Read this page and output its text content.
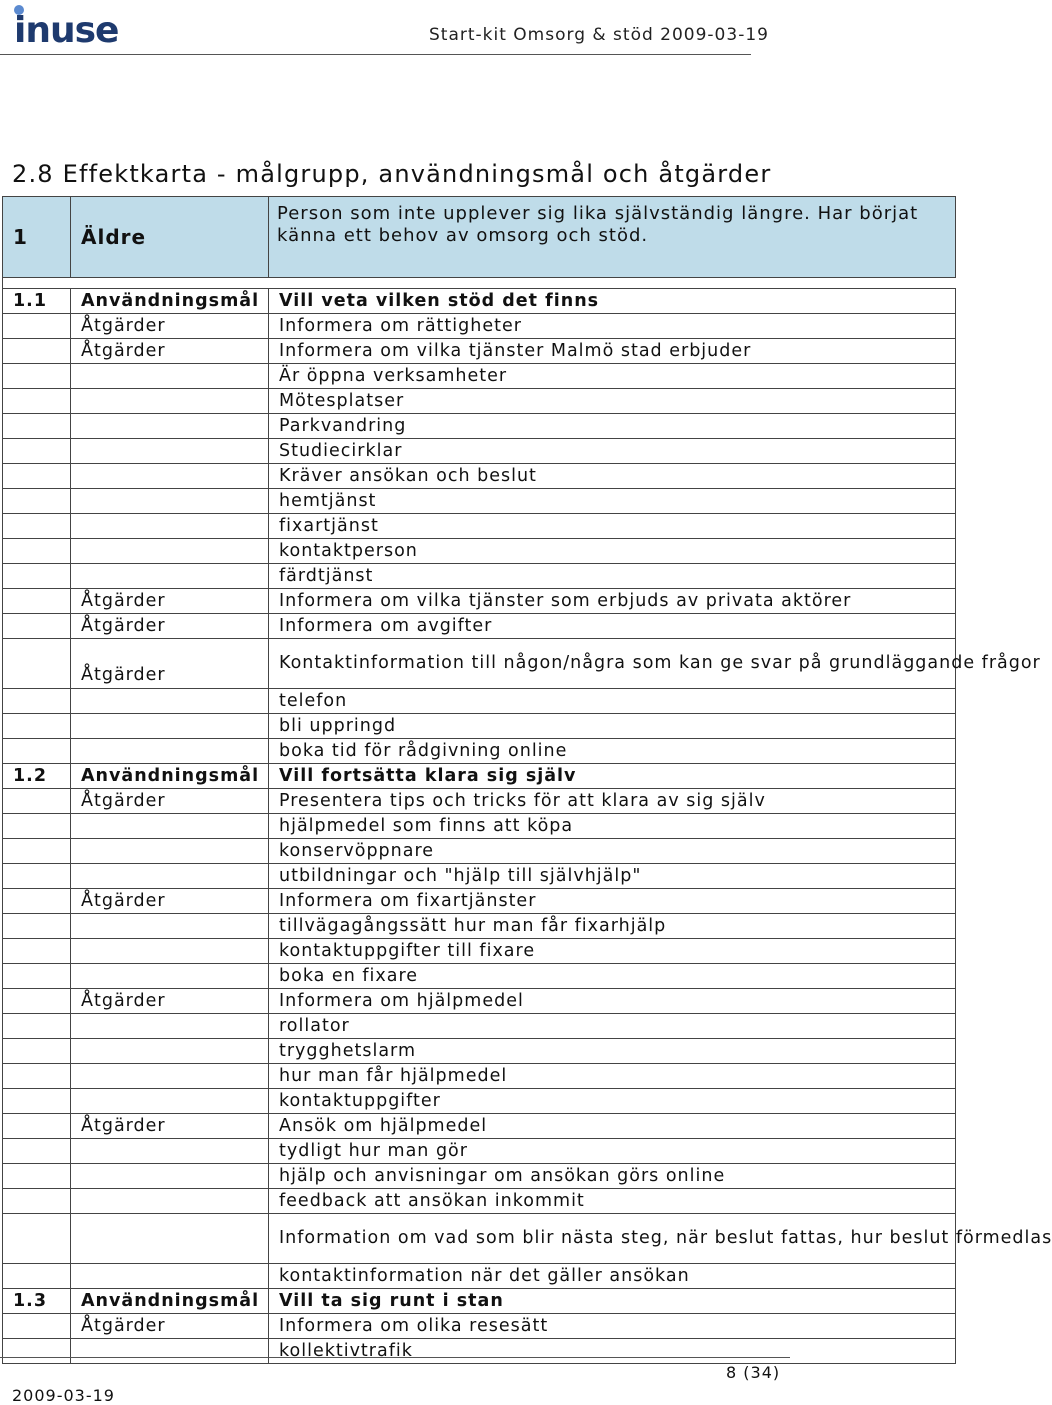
inuse	Start-kit Omsorg & stöd 2009-03-19
2.8 Effektkarta - målgrupp, användningsmål och åtgärder
1	Äldre	Person som inte upplever sig lika självständig längre. Har börjat känna ett behov av omsorg och stöd.

1.1	Användningsmål	Vill veta vilken stöd det finns
	Åtgärder	Informera om rättigheter
	Åtgärder	Informera om vilka tjänster Malmö stad erbjuder
		Är öppna verksamheter
		Mötesplatser
		Parkvandring
		Studiecirklar
		Kräver ansökan och beslut
		hemtjänst
		fixartjänst
		kontaktperson
		färdtjänst
	Åtgärder	Informera om vilka tjänster som erbjuds av privata aktörer
	Åtgärder	Informera om avgifter
	Åtgärder	Kontaktinformation till någon/några som kan ge svar på grundläggande frågor
		telefon
		bli uppringd
		boka tid för rådgivning online
1.2	Användningsmål	Vill fortsätta klara sig själv
	Åtgärder	Presentera tips och tricks för att klara av sig själv
		hjälpmedel som finns att köpa
		konservöppnare
		utbildningar och "hjälp till självhjälp"
	Åtgärder	Informera om fixartjänster
		tillvägagångssätt hur man får fixarhjälp
		kontaktuppgifter till fixare
		boka en fixare
	Åtgärder	Informera om hjälpmedel
		rollator
		trygghetslarm
		hur man får hjälpmedel
		kontaktuppgifter
	Åtgärder	Ansök om hjälpmedel
		tydligt hur man gör
		hjälp och anvisningar om ansökan görs online
		feedback att ansökan inkommit
		Information om vad som blir nästa steg, när beslut fattas, hur beslut förmedlas
		kontaktinformation när det gäller ansökan
1.3	Användningsmål	Vill ta sig runt i stan
	Åtgärder	Informera om olika resesätt
		kollektivtrafik
8 (34)
2009-03-19
